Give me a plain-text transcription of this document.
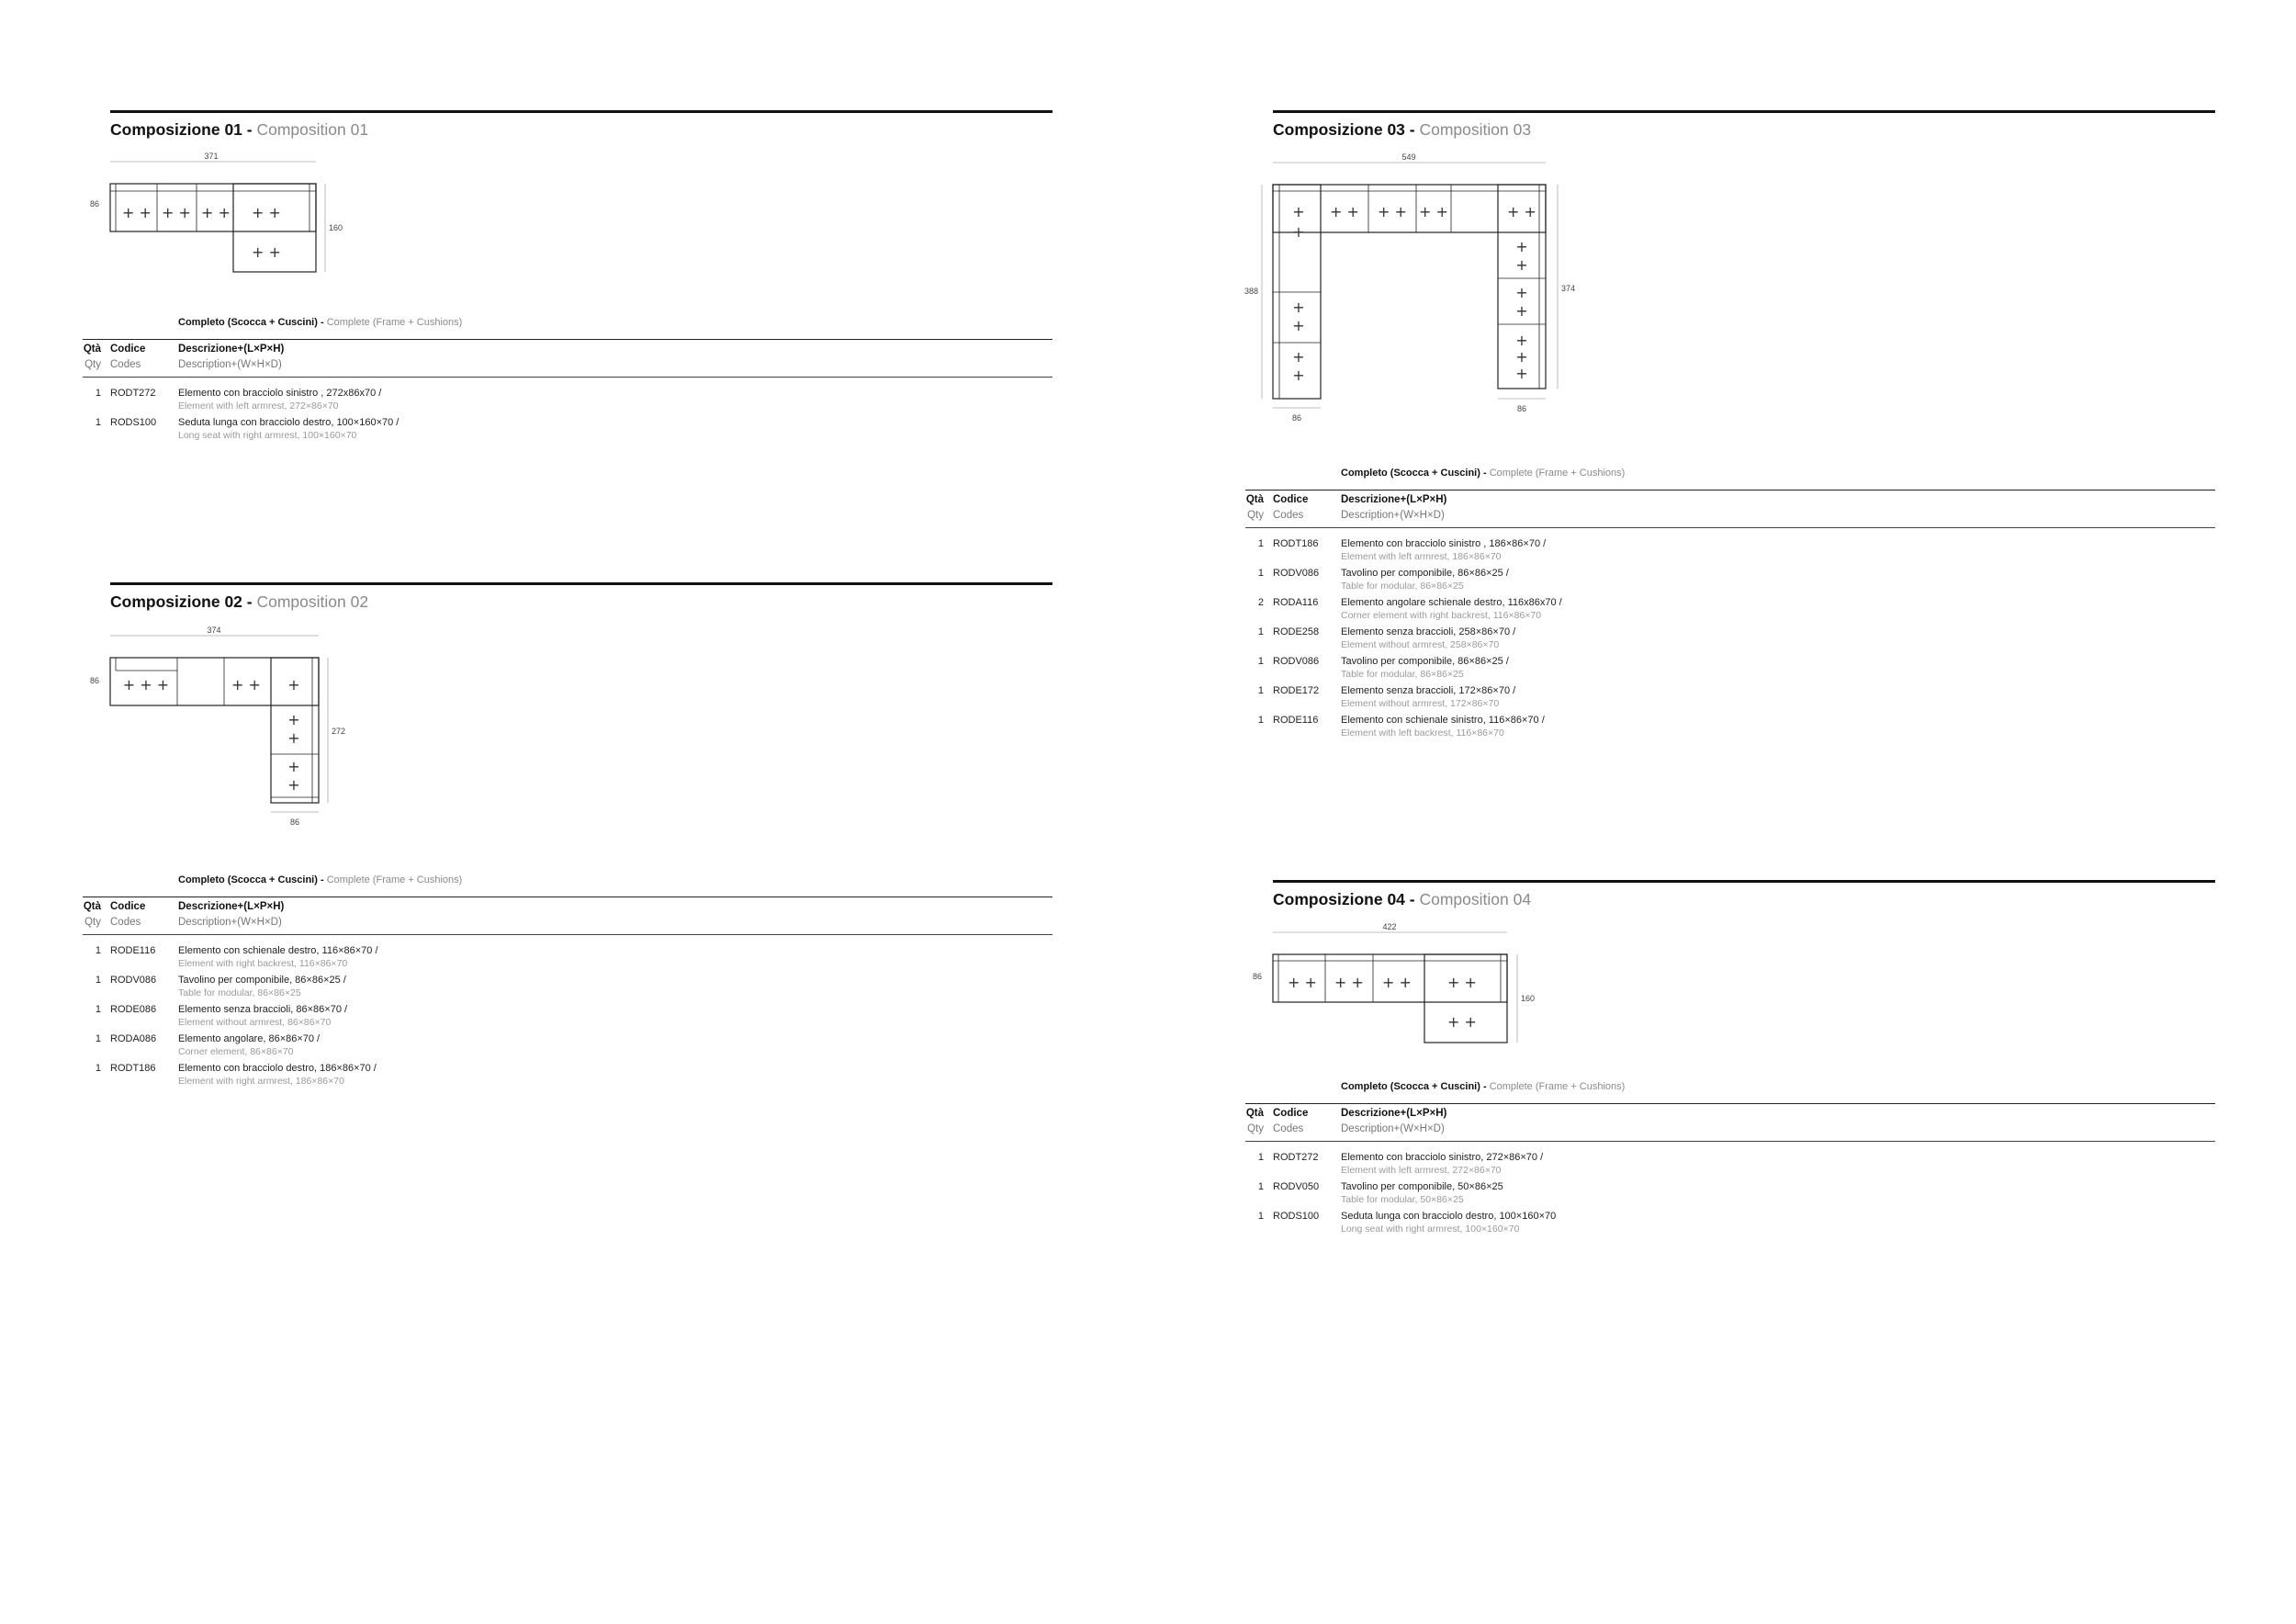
Composizione 01 - Composition 01
371
86
160
+ + + + + + + +
+ +
Completo (Scocca + Cuscini) - Complete (Frame + Cushions)
Qtà Codice	Descrizione+(L×P×H)
Qty Codes	Description+(W×H×D)
1 RODT272 Elemento con bracciolo sinistro , 272x86x70 /
Element with left armrest, 272×86×70
1 RODS100 Seduta lunga con bracciolo destro, 100×160×70 /
Long seat with right armrest, 100×160×70
Composizione 02 - Composition 02
374
86
272
86
+ + +	+ + +
+
+
+
+
Completo (Scocca + Cuscini) - Complete (Frame + Cushions)
Qtà Codice	Descrizione+(L×P×H)
Qty Codes	Description+(W×H×D)
1 RODE116 Elemento con schienale destro, 116×86×70 /
Element with right backrest, 116×86×70
1 RODV086 Tavolino per componibile, 86×86×25 /
Table for modular, 86×86×25
1 RODE086 Elemento senza braccioli, 86×86×70 /
Element without armrest, 86×86×70
1 RODA086 Elemento angolare, 86×86×70 /
Corner element, 86×86×70
1 RODT186 Elemento con bracciolo destro, 186×86×70 /
Element with right armrest, 186×86×70
Composizione 03 - Composition 03
549
388	374
86
86
+
+
+ + + + + +	+ +
+
+
+
+
+
+
+
+
+
+
+
Completo (Scocca + Cuscini) - Complete (Frame + Cushions)
Qtà Codice	Descrizione+(L×P×H)
Qty Codes	Description+(W×H×D)
1 RODT186 Elemento con bracciolo sinistro , 186×86×70 /
Element with left armrest, 186×86×70
1 RODV086 Tavolino per componibile, 86×86×25 /
Table for modular, 86×86×25
2 RODA116 Elemento angolare schienale destro, 116x86x70 /
Corner element with right backrest, 116×86×70
1 RODE258 Elemento senza braccioli, 258×86×70 /
Element without armrest, 258×86×70
1 RODV086 Tavolino per componibile, 86×86×25 /
Table for modular, 86×86×25
1 RODE172 Elemento senza braccioli, 172×86×70 /
Element without armrest, 172×86×70
1 RODE116 Elemento con schienale sinistro, 116×86×70 /
Element with left backrest, 116×86×70
Composizione 04 - Composition 04
422
86
160
+ + + + + + + +
+ +
Completo (Scocca + Cuscini) - Complete (Frame + Cushions)
Qtà Codice	Descrizione+(L×P×H)
Qty Codes	Description+(W×H×D)
1 RODT272 Elemento con bracciolo sinistro, 272×86×70 /
Element with left armrest, 272×86×70
1 RODV050 Tavolino per componibile, 50×86×25
Table for modular, 50×86×25
1 RODS100 Seduta lunga con bracciolo destro, 100×160×70
Long seat with right armrest, 100×160×70
